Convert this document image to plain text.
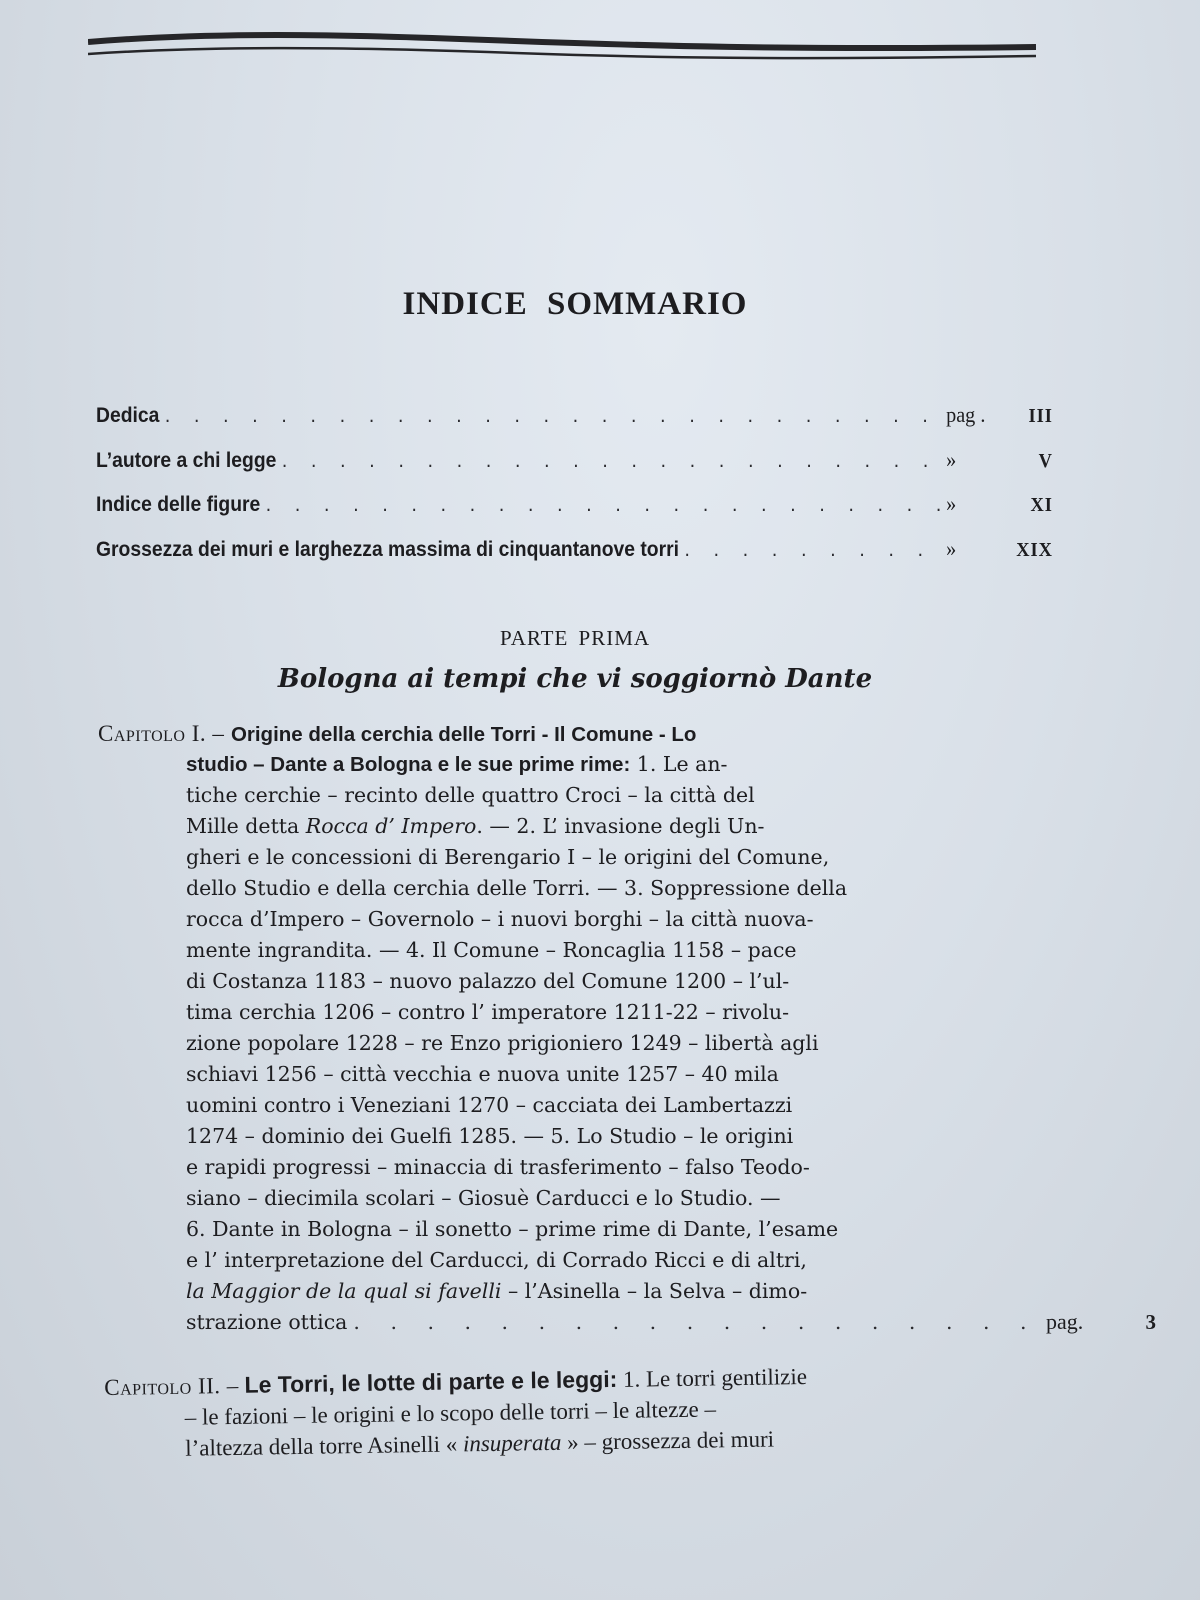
INDICE SOMMARIO
Dedica . . .	pag .	III
L’autore a chi legge . . .	»	V
Indice delle figure . . .	»	XI
Grossezza dei muri e larghezza massima di cinquantanove torri . . .	»	XIX
PARTE PRIMA
Bologna ai tempi che vi soggiornò Dante
Capitolo I. – Origine della cerchia delle Torri - Il Comune - Lo
studio – Dante a Bologna e le sue prime rime: 1. Le an-
tiche cerchie – recinto delle quattro Croci – la città del
Mille detta Rocca d’ Impero. — 2. L’ invasione degli Un-
gheri e le concessioni di Berengario I – le origini del Comune,
dello Studio e della cerchia delle Torri. — 3. Soppressione della
rocca d’Impero – Governolo – i nuovi borghi – la città nuova-
mente ingrandita. — 4. Il Comune – Roncaglia 1158 – pace
di Costanza 1183 – nuovo palazzo del Comune 1200 – l’ul-
tima cerchia 1206 – contro l’ imperatore 1211-22 – rivolu-
zione popolare 1228 – re Enzo prigioniero 1249 – libertà agli
schiavi 1256 – città vecchia e nuova unite 1257 – 40 mila
uomini contro i Veneziani 1270 – cacciata dei Lambertazzi
1274 – dominio dei Guelfi 1285. — 5. Lo Studio – le origini
e rapidi progressi – minaccia di trasferimento – falso Teodo-
siano – diecimila scolari – Giosuè Carducci e lo Studio. —
6. Dante in Bologna – il sonetto – prime rime di Dante, l’esame
e l’ interpretazione del Carducci, di Corrado Ricci e di altri,
la Maggior de la qual si favelli – l’Asinella – la Selva – dimo-
strazione ottica . . .	pag.	3
Capitolo II. – Le Torri, le lotte di parte e le leggi: 1. Le torri gentilizie
– le fazioni – le origini e lo scopo delle torri – le altezze –
l’altezza della torre Asinelli « insuperata » – grossezza dei muri
